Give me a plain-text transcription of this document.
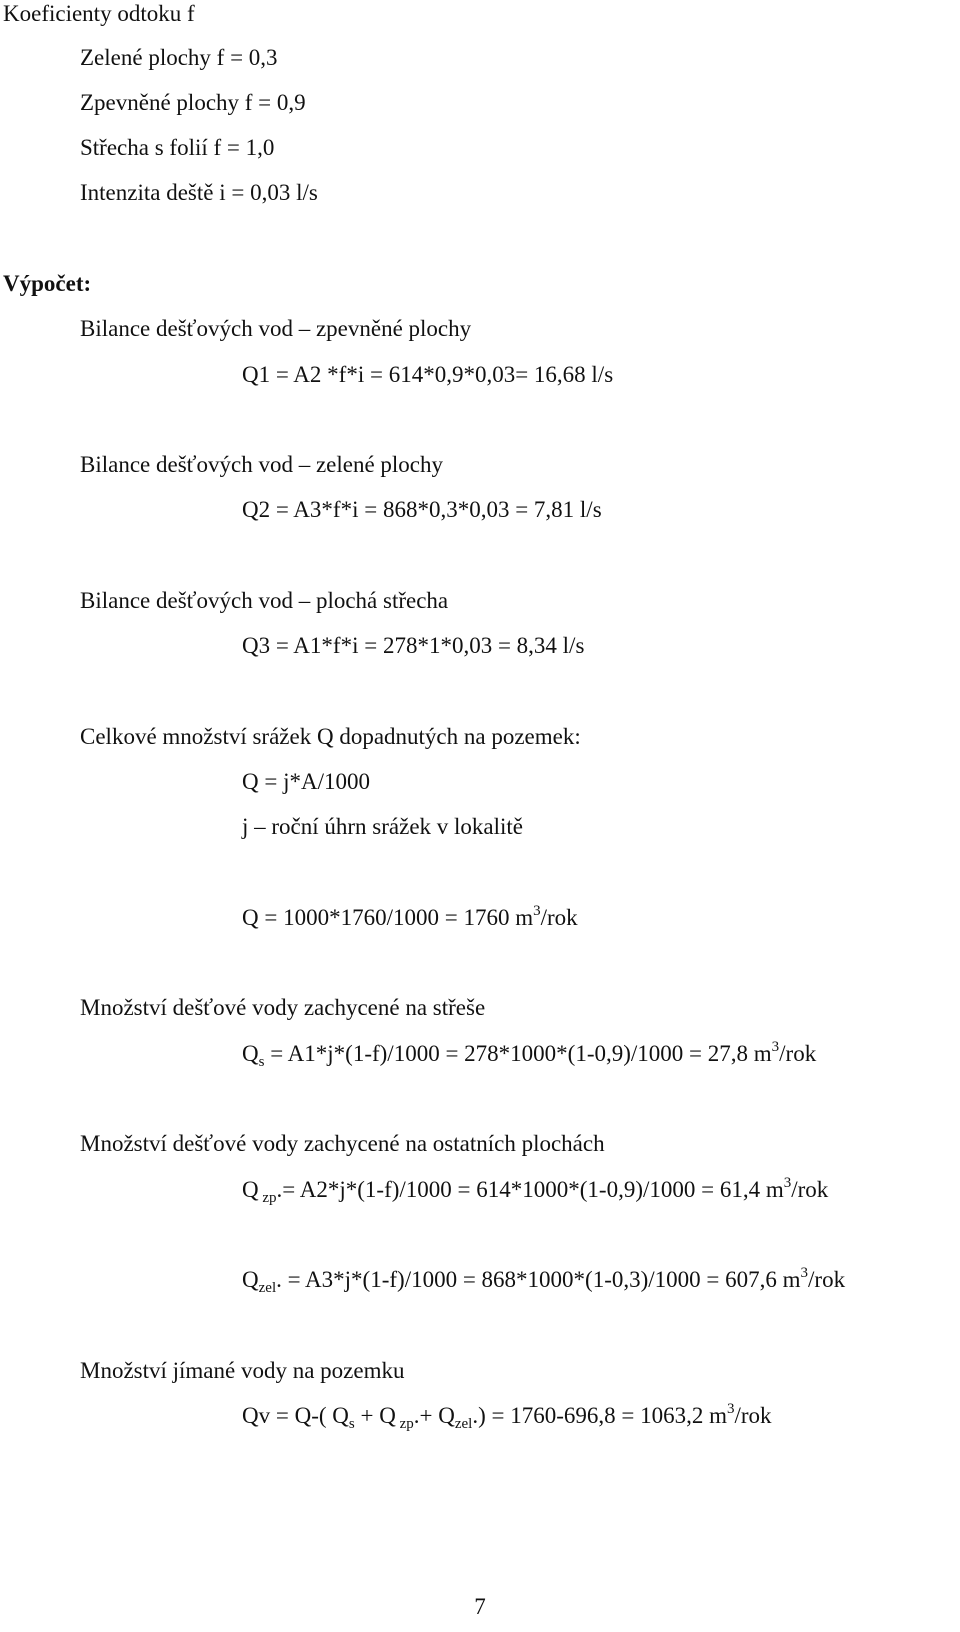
Koeficienty odtoku f
Zelené plochy f = 0,3
Zpevněné plochy f = 0,9
Střecha s folií f = 1,0
Intenzita deště i = 0,03 l/s
Výpočet:
Bilance dešťových vod – zpevněné plochy
Q1 = A2 *f*i = 614*0,9*0,03= 16,68 l/s
Bilance dešťových vod – zelené plochy
Q2 = A3*f*i = 868*0,3*0,03 = 7,81 l/s
Bilance dešťových vod – plochá střecha
Q3 = A1*f*i = 278*1*0,03 = 8,34 l/s
Celkové množství srážek Q dopadnutých na pozemek:
Q = j*A/1000
j – roční úhrn srážek v lokalitě
Q = 1000*1760/1000 = 1760 $m^3$/rok
Množství dešťové vody zachycené na střeše
$Q_s = A1*j*(1-f)/1000 = 278*1000*(1-0,9)/1000 = 27,8$ $m^3$/rok
Množství dešťové vody zachycené na ostatních plochách
Q $_{zp}$.= A2*j*(1-f)/1000 = 614*1000*(1-0,9)/1000 = 61,4 $m^3$/rok
$Q_{zel}$. = A3*j*(1-f)/1000 = 868*1000*(1-0,3)/1000 = 607,6 $m^3$/rok
Množství jímané vody na pozemku
Qv = Q-( $Q_s + Q$ $_{zp}.+ Q_{zel}.) = 1760-696,8 = 1063,2$ $m^3$/rok
7
